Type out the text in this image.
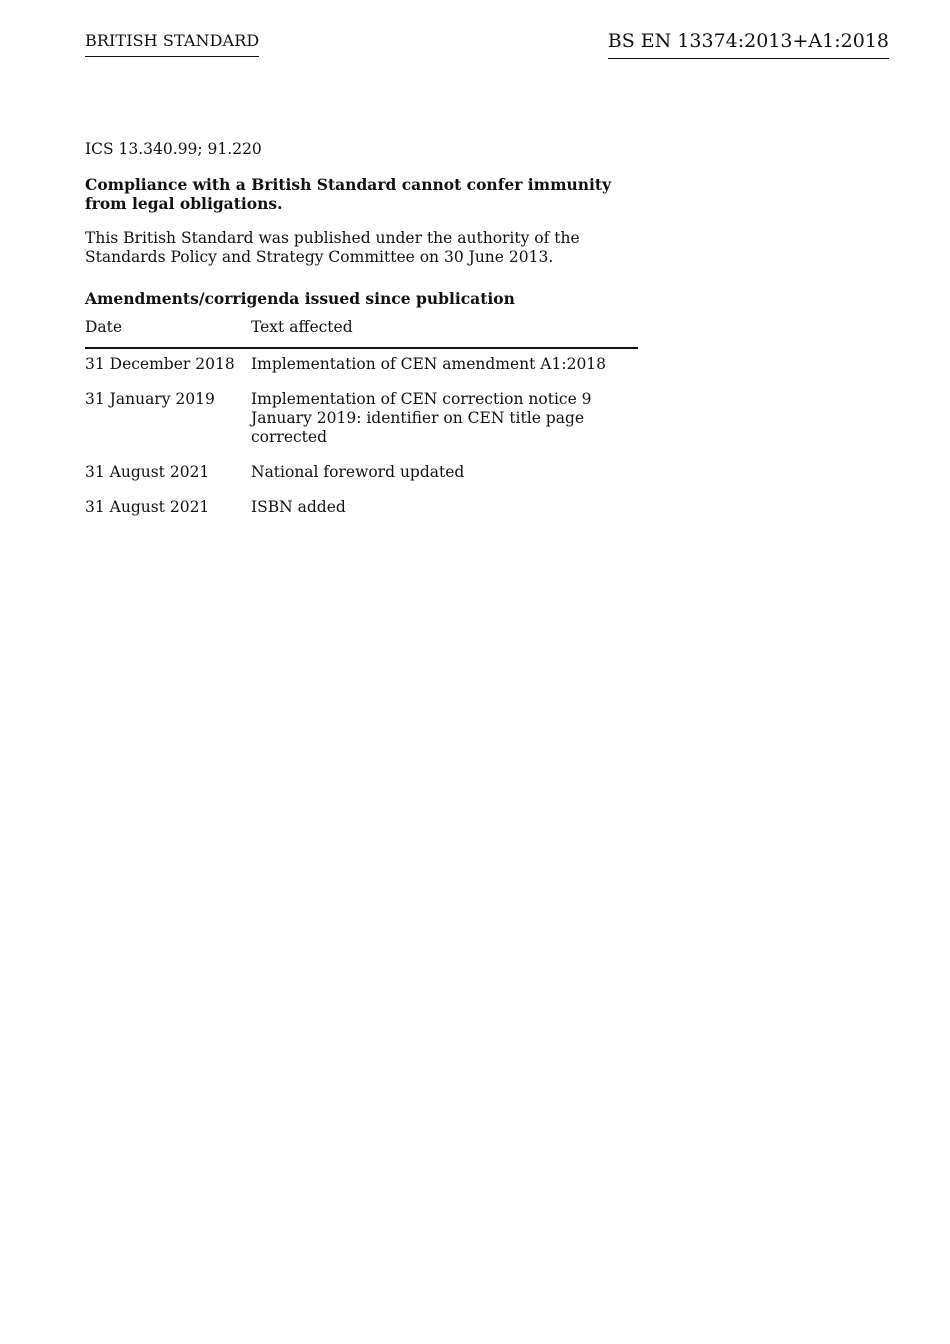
BRITISH STANDARD	BS EN 13374:2013+A1:2018

ICS 13.340.99; 91.220

Compliance with a British Standard cannot confer immunity from legal obligations.

This British Standard was published under the authority of the Standards Policy and Strategy Committee on 30 June 2013.

Amendments/corrigenda issued since publication

Date	Text affected
31 December 2018	Implementation of CEN amendment A1:2018
31 January 2019	Implementation of CEN correction notice 9 January 2019: identifier on CEN title page corrected
31 August 2021	National foreword updated
31 August 2021	ISBN added
